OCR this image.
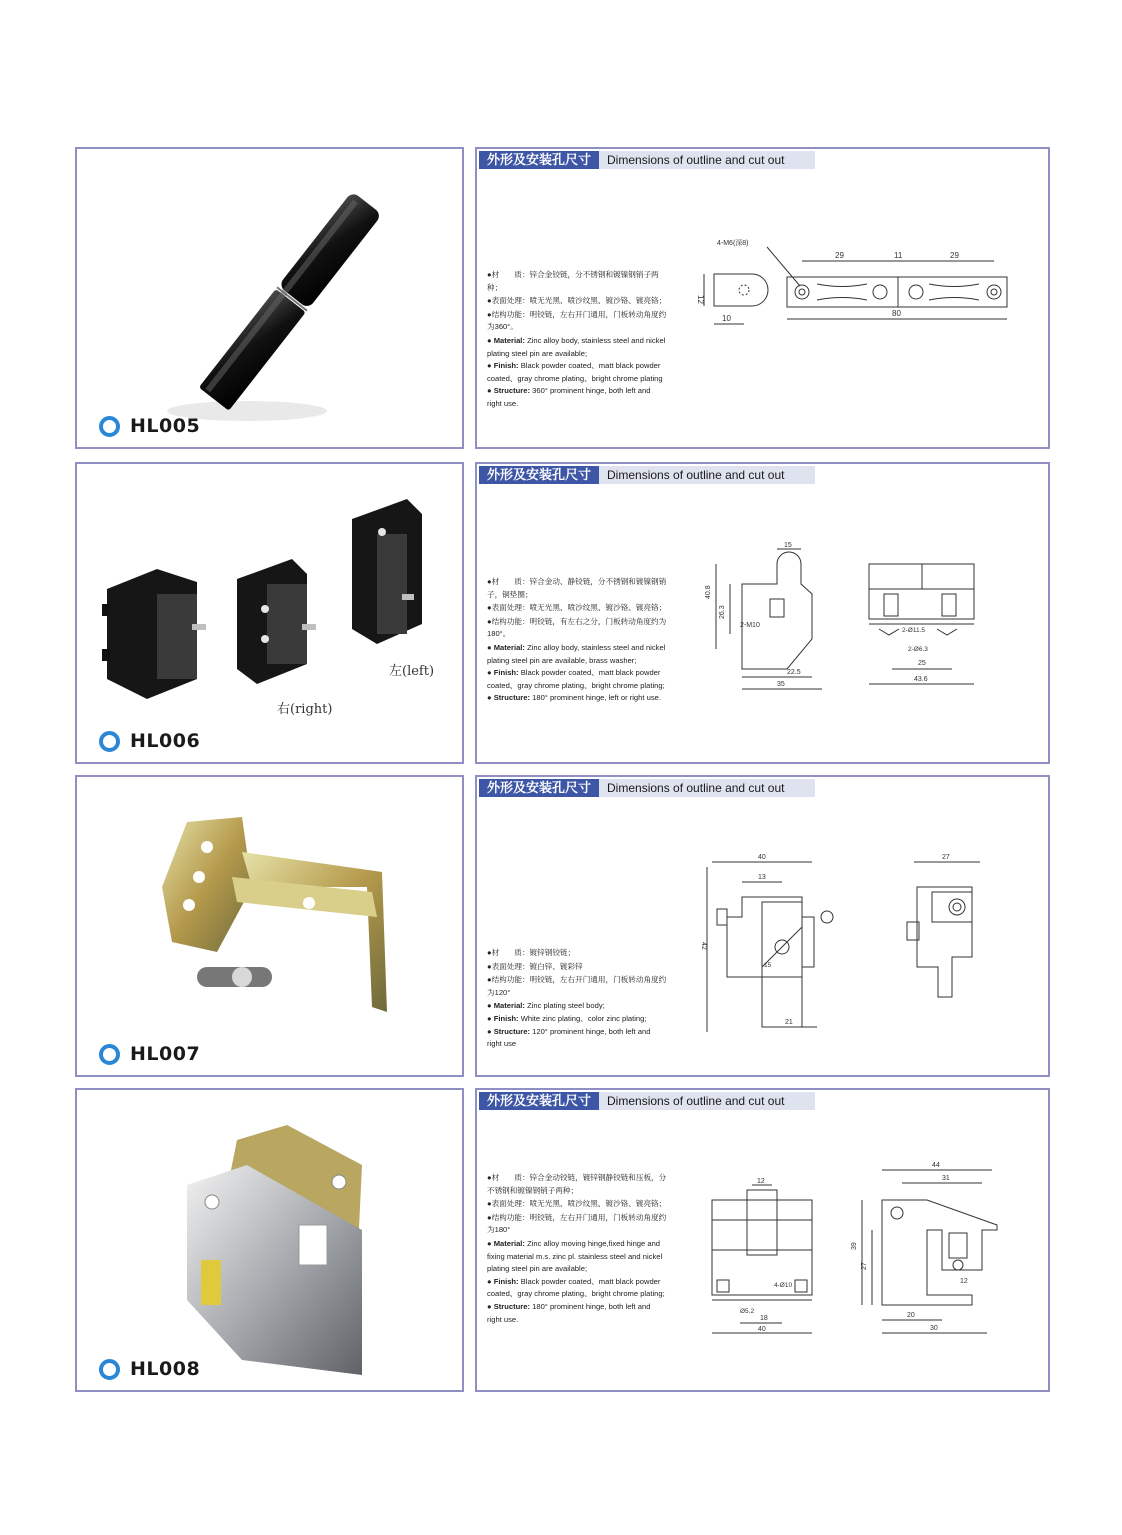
HL005
外形及安装孔尺寸	Dimensions of outline and cut out

●材　　质：锌合金铰链，分不锈钢和镀镍钢销子两种；

●表面处理：喷无光黑、喷沙纹黑、镀沙铬、镀亮铬；

●结构功能：明铰链，左右开门通用，门板转动角度约为360°。

● Material: Zinc alloy body, stainless steel and nickel plating steel pin are available;

● Finish: Black powder coated、matt black powder coated、gray chrome plating、bright chrome plating

● Structure: 360° prominent hinge, both left and right use.

12
10
29	11	29
80
4-M6(深8)
右(right)
左(left)
HL006
外形及安装孔尺寸	Dimensions of outline and cut out

●材　　质：锌合金动、静铰链，分不锈钢和镀镍钢销子，铜垫圈；

●表面处理：喷无光黑、喷沙纹黑、镀沙铬、镀亮铬；

●结构功能：明铰链，有左右之分，门板转动角度约为180°。

● Material: Zinc alloy body, stainless steel and nickel plating steel pin are available, brass washer;

● Finish: Black powder coated、matt black powder coated、gray chrome plating、bright chrome plating;

● Structure: 180° prominent hinge, left or right use.

15
40.8
26.3
2-M10
22.5
35
2-Ø11.5
2-Ø6.3
25
43.6
HL007
外形及安装孔尺寸	Dimensions of outline and cut out

●材　　质：镀锌钢铰链；

●表面处理：镀白锌、镀彩锌

●结构功能：明铰链，左右开门通用，门板转动角度约为120°

● Material: Zinc plating steel body;

● Finish: White zinc plating、color zinc plating;

● Structure: 120° prominent hinge, both left and right use

40
13
15
42
21
27
HL008
外形及安装孔尺寸	Dimensions of outline and cut out

●材　　质：锌合金动铰链，镀锌钢静铰链和压板，分不锈钢和镀镍钢销子两种；

●表面处理：喷无光黑、喷沙纹黑、镀沙铬、镀亮铬；

●结构功能：明铰链，左右开门通用，门板转动角度约为180°

● Material: Zinc alloy moving hinge,fixed hinge and fixing material m.s. zinc pl. stainless steel and nickel plating steel pin are available;

● Finish: Black powder coated、matt black powder coated、gray chrome plating、bright chrome plating;

● Structure: 180° prominent hinge, both left and right use.

12
4-Ø10
Ø5.2
18
40
44
31
39
27
12
20
30
